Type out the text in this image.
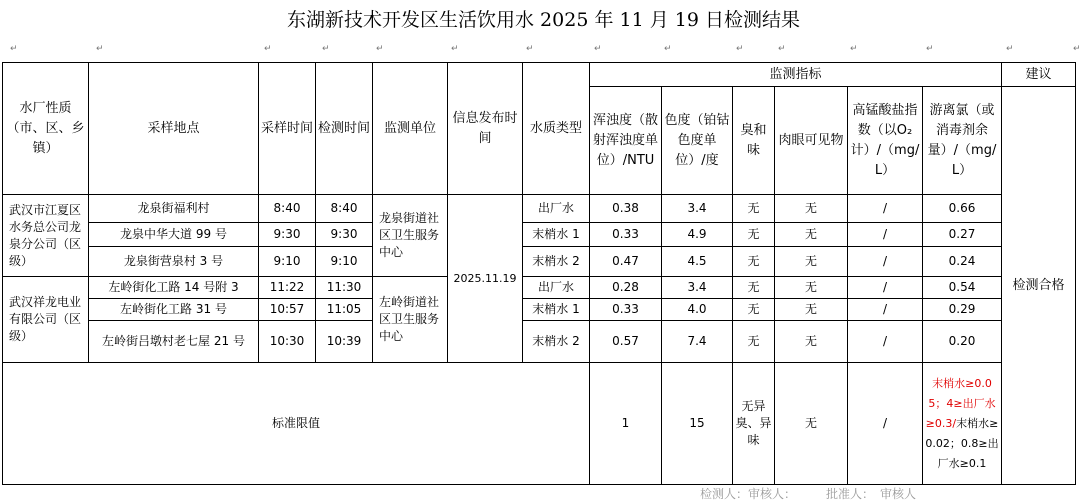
东湖新技术开发区生活饮用水 2025 年 11 月 19 日检测结果
↵	↵	↵	↵	↵	↵	↵	↵	↵	↵	↵	↵	↵	↵	↵
水厂性质（市、区、乡镇）	采样地点	采样时间	检测时间	监测单位	信息发布时间	水质类型	监测指标						建议
							浑浊度（散射浑浊度单位）/NTU	色度（铂钴色度单位）/度	臭和味	肉眼可见物	高锰酸盐指数（以O₂计）/（mg/L）	游离氯（或消毒剂余量）/（mg/L）	检测合格
武汉市江夏区水务总公司龙泉分公司（区级）	龙泉街福利村	8:40	8:40	龙泉街道社区卫生服务中心	2025.11.19	出厂水	0.38	3.4	无	无	/	0.66	
	龙泉中华大道 99 号	9:30	9:30			末梢水 1	0.33	4.9	无	无	/	0.27	
	龙泉街营泉村 3 号	9:10	9:10			末梢水 2	0.47	4.5	无	无	/	0.24	
武汉祥龙电业有限公司（区级）	左岭街化工路 14 号附 3	11:22	11:30	左岭街道社区卫生服务中心		出厂水	0.28	3.4	无	无	/	0.54	
	左岭街化工路 31 号	10:57	11:05			末梢水 1	0.33	4.0	无	无	/	0.29	
	左岭街吕墩村老七屋 21 号	10:30	10:39			末梢水 2	0.57	7.4	无	无	/	0.20	
标准限值							1	15	无异臭、异味	无	/	末梢水≥0.05；4≥出厂水≥0.3/末梢水≥0.02；0.8≥出厂水≥0.1	
检测人：审核人：　　　批准人：　审核人
